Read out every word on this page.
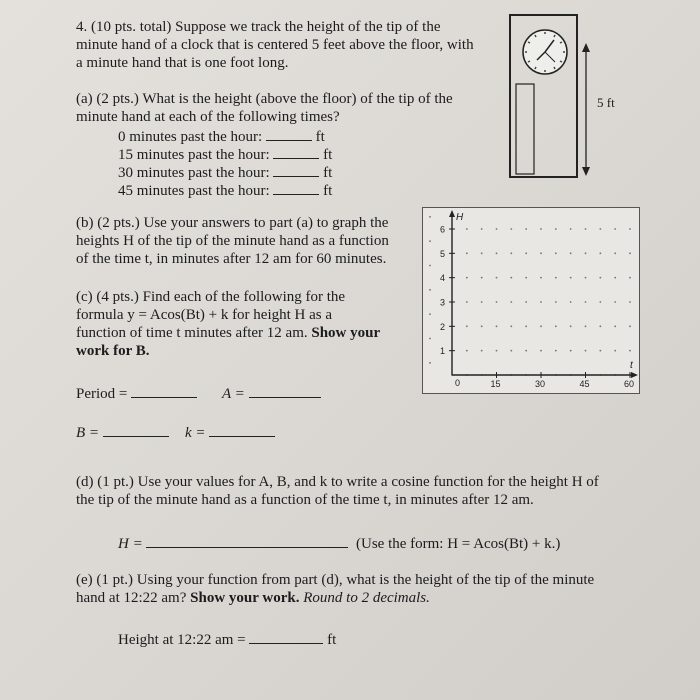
4. (10 pts. total) Suppose we track the height of the tip of the
minute hand of a clock that is centered 5 feet above the floor, with
a minute hand that is one foot long.
5 ft
(a) (2 pts.) What is the height (above the floor) of the tip of the
minute hand at each of the following times?
0 minutes past the hour:	ft
15 minutes past the hour:	ft
30 minutes past the hour:	ft
45 minutes past the hour:	ft
(b) (2 pts.) Use your answers to part (a) to graph the
heights H of the tip of the minute hand as a function
of the time t, in minutes after 12 am for 60 minutes.
H
t
0
1
2
3
4
5
6
15	30	45	60
(c) (4 pts.) Find each of the following for the
formula y = Acos(Bt) + k for height H as a
function of time t minutes after 12 am. Show your
work for B.
Period =	A =
B =	k =
(d) (1 pt.) Use your values for A, B, and k to write a cosine function for the height H of
the tip of the minute hand as a function of the time t, in minutes after 12 am.
H =	(Use the form: H = Acos(Bt) + k.)
(e) (1 pt.) Using your function from part (d), what is the height of the tip of the minute
hand at 12:22 am? Show your work. Round to 2 decimals.
Height at 12:22 am =	ft
